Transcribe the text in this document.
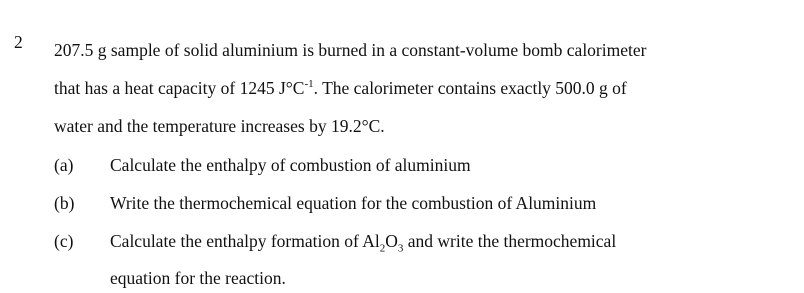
2 207.5 g sample of solid aluminium is burned in a constant-volume bomb calorimeter
that has a heat capacity of 1245 $J^\circ C^{-1}$. The calorimeter contains exactly 500.0 g of
water and the temperature increases by 19.2°C.
(a) Calculate the enthalpy of combustion of aluminium
(b) Write the thermochemical equation for the combustion of Aluminium
(c) Calculate the enthalpy formation of $Al_2O_3$ and write the thermochemical
equation for the reaction.
